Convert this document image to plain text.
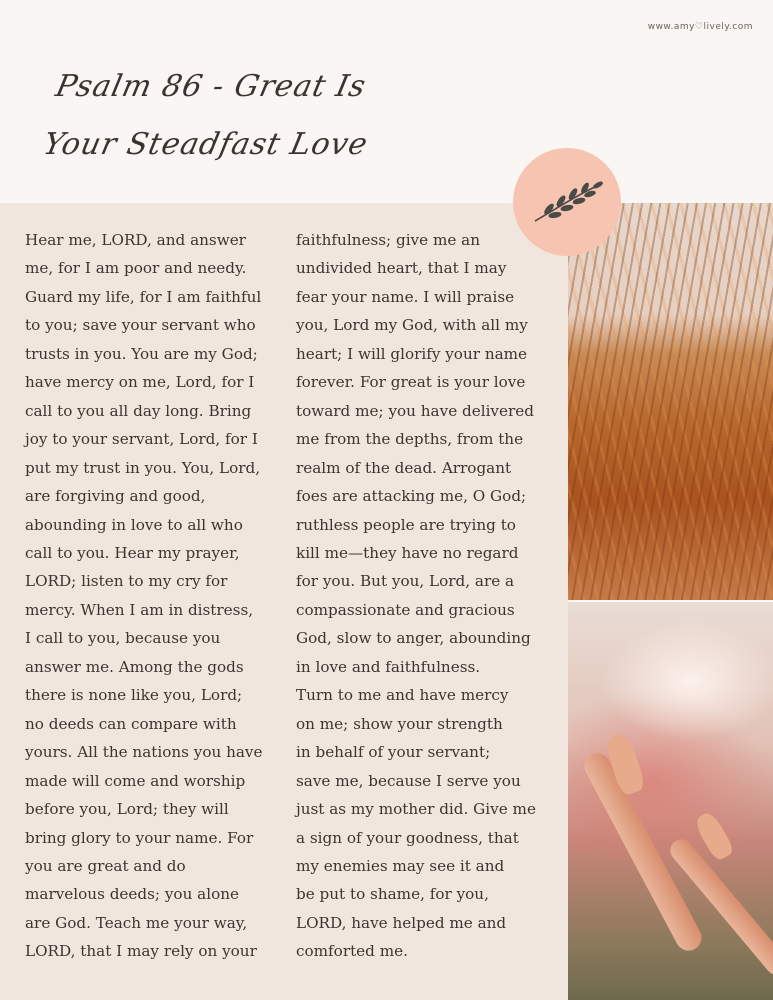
www.amy♡lively.com
Psalm 86 - Great Is
Your Steadfast Love

Hear me, LORD, and answer
me, for I am poor and needy.
Guard my life, for I am faithful
to you; save your servant who
trusts in you. You are my God;
have mercy on me, Lord, for I
call to you all day long. Bring
joy to your servant, Lord, for I
put my trust in you. You, Lord,
are forgiving and good,
abounding in love to all who
call to you. Hear my prayer,
LORD; listen to my cry for
mercy. When I am in distress,
I call to you, because you
answer me. Among the gods
there is none like you, Lord;
no deeds can compare with
yours. All the nations you have
made will come and worship
before you, Lord; they will
bring glory to your name. For
you are great and do
marvelous deeds; you alone
are God. Teach me your way,
LORD, that I may rely on your

faithfulness; give me an
undivided heart, that I may
fear your name. I will praise
you, Lord my God, with all my
heart; I will glorify your name
forever. For great is your love
toward me; you have delivered
me from the depths, from the
realm of the dead. Arrogant
foes are attacking me, O God;
ruthless people are trying to
kill me—they have no regard
for you. But you, Lord, are a
compassionate and gracious
God, slow to anger, abounding
in love and faithfulness.
Turn to me and have mercy
on me; show your strength
in behalf of your servant;
save me, because I serve you
just as my mother did. Give me
a sign of your goodness, that
my enemies may see it and
be put to shame, for you,
LORD, have helped me and
comforted me.
